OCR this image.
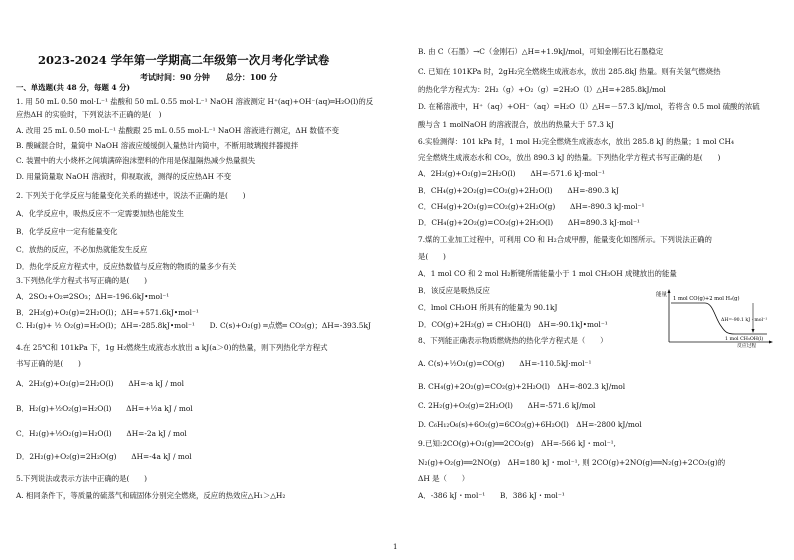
2023-2024 学年第一学期高二年级第一次月考化学试卷
考试时间：90 分钟　　总分：100 分
一、单选题(共 48 分，每题 4 分)
1. 用 50 mL 0.50 mol·L⁻¹ 盐酸和 50 mL 0.55 mol·L⁻¹ NaOH 溶液测定 H⁺(aq)+OH⁻(aq)═H₂O(l)的反
应热ΔH 的实验时，下列说法不正确的是(　)
A. 改用 25 mL 0.50 mol·L⁻¹ 盐酸跟 25 mL 0.55 mol·L⁻¹ NaOH 溶液进行测定，ΔH 数值不变
B. 酸碱混合时，量筒中 NaOH 溶液应缓缓倒入量热计内筒中，不断用玻璃搅拌器搅拌
C. 装置中的大小烧杯之间填满碎泡沫塑料的作用是保温隔热减少热量损失
D. 用量筒量取 NaOH 溶液时，仰视取液，测得的反应热ΔH 不变
2. 下列关于化学反应与能量变化关系的描述中，说法不正确的是(　　)
A．化学反应中，吸热反应不一定需要加热也能发生
B．化学反应中一定有能量变化
C．放热的反应，不必加热就能发生反应
D．热化学反应方程式中，反应热数值与反应物的物质的量多少有关
3.下列热化学方程式书写正确的是(　　)
A．2SO₂+O₂⇌2SO₃；ΔH=-196.6kJ•mol⁻¹
B．2H₂(g)+O₂(g)=2H₂O(l)；ΔH=+571.6kJ•mol⁻¹
C. H₂(g)+ ½ O₂(g)=H₂O(l)；ΔH=-285.8kJ•mol⁻¹　　D. C(s)+O₂(g) ═点燃═ CO₂(g)；ΔH=-393.5kJ
4.在 25℃和 101kPa 下，1g H₂燃烧生成液态水放出 a kJ(a＞0)的热量，则下列热化学方程式
书写正确的是(　　)
A．2H₂(g)+O₂(g)=2H₂O(l)　　ΔH=-a kJ / mol
B．H₂(g)+½O₂(g)=H₂O(l)　　ΔH=+½a kJ / mol
C．H₂(g)+½O₂(g)=H₂O(l)　　ΔH=-2a kJ / mol
D．2H₂(g)+O₂(g)=2H₂O(g)　　ΔH=-4a kJ / mol
5.下列说法或表示方法中正确的是(　　)
A. 相同条件下，等质量的硫蒸气和硫固体分别完全燃烧，反应的热效应△H₁＞△H₂
B. 由 C（石墨）→C（金刚石）△H=+1.9kJ/mol，可知金刚石比石墨稳定
C. 已知在 101KPa 时，2gH₂完全燃烧生成液态水，放出 285.8kJ 热量。则有关氢气燃烧热
的热化学方程式为：2H₂（g）+O₂（g）=2H₂O（l）△H=+285.8kJ/mol
D. 在稀溶液中，H⁺（aq）+OH⁻（aq）=H₂O（l）△H=－57.3 kJ/mol，若将含 0.5 mol 硫酸的浓硫
酸与含 1 molNaOH 的溶液混合，放出的热量大于 57.3 kJ
6.实验测得：101 kPa 时，1 mol H₂完全燃烧生成液态水，放出 285.8 kJ 的热量；1 mol CH₄
完全燃烧生成液态水和 CO₂，放出 890.3 kJ 的热量。下列热化学方程式书写正确的是(　　)
A．2H₂(g)+O₂(g)=2H₂O(l)　　ΔH=-571.6 kJ·mol⁻¹
B．CH₄(g)+2O₂(g)=CO₂(g)+2H₂O(l)　　ΔH=-890.3 kJ
C．CH₄(g)+2O₂(g)=CO₂(g)+2H₂O(g)　　ΔH=-890.3 kJ·mol⁻¹
D．CH₄(g)+2O₂(g)=CO₂(g)+2H₂O(l)　　ΔH=890.3 kJ·mol⁻¹
7.煤的工业加工过程中，可利用 CO 和 H₂合成甲醇，能量变化如图所示。下列说法正确的
是(　　)
A．1 mol CO 和 2 mol H₂断键所需能量小于 1 mol CH₃OH 成键放出的能量
B．该反应是吸热反应
C．lmol CH₃OH 所具有的能量为 90.1kJ
D．CO(g)+2H₂(g) ⇌ CH₃OH(l)　ΔH=-90.1kJ•mol⁻¹
8、下列能正确表示物质燃烧热的热化学方程式是（　　）
A. C(s)+½O₂(g)=CO(g)　　ΔH=-110.5kJ·mol⁻¹
B. CH₄(g)+2O₂(g)=CO₂(g)+2H₂O(l)　ΔH=-802.3 kJ/mol
C. 2H₂(g)+O₂(g)=2H₂O(l)　　ΔH=-571.6 kJ/mol
D. C₆H₁₂O₆(s)+6O₂(g)=6CO₂(g)+6H₂O(l)　ΔH=-2800 kJ/mol
9.已知:2CO(g)+O₂(g)══2CO₂(g)　ΔH=-566 kJ・mol⁻¹,
N₂(g)+O₂(g)══2NO(g)　ΔH=180 kJ・mol⁻¹, 则 2CO(g)+2NO(g)══N₂(g)+2CO₂(g)的
ΔH 是（　　）
A．-386 kJ・mol⁻¹　　B．386 kJ・mol⁻¹
能量
1 mol CO(g)+2 mol H₂(g)
ΔH=-90.1 kJ · mol⁻¹
1 mol CH₃OH(l)
反应过程
1
